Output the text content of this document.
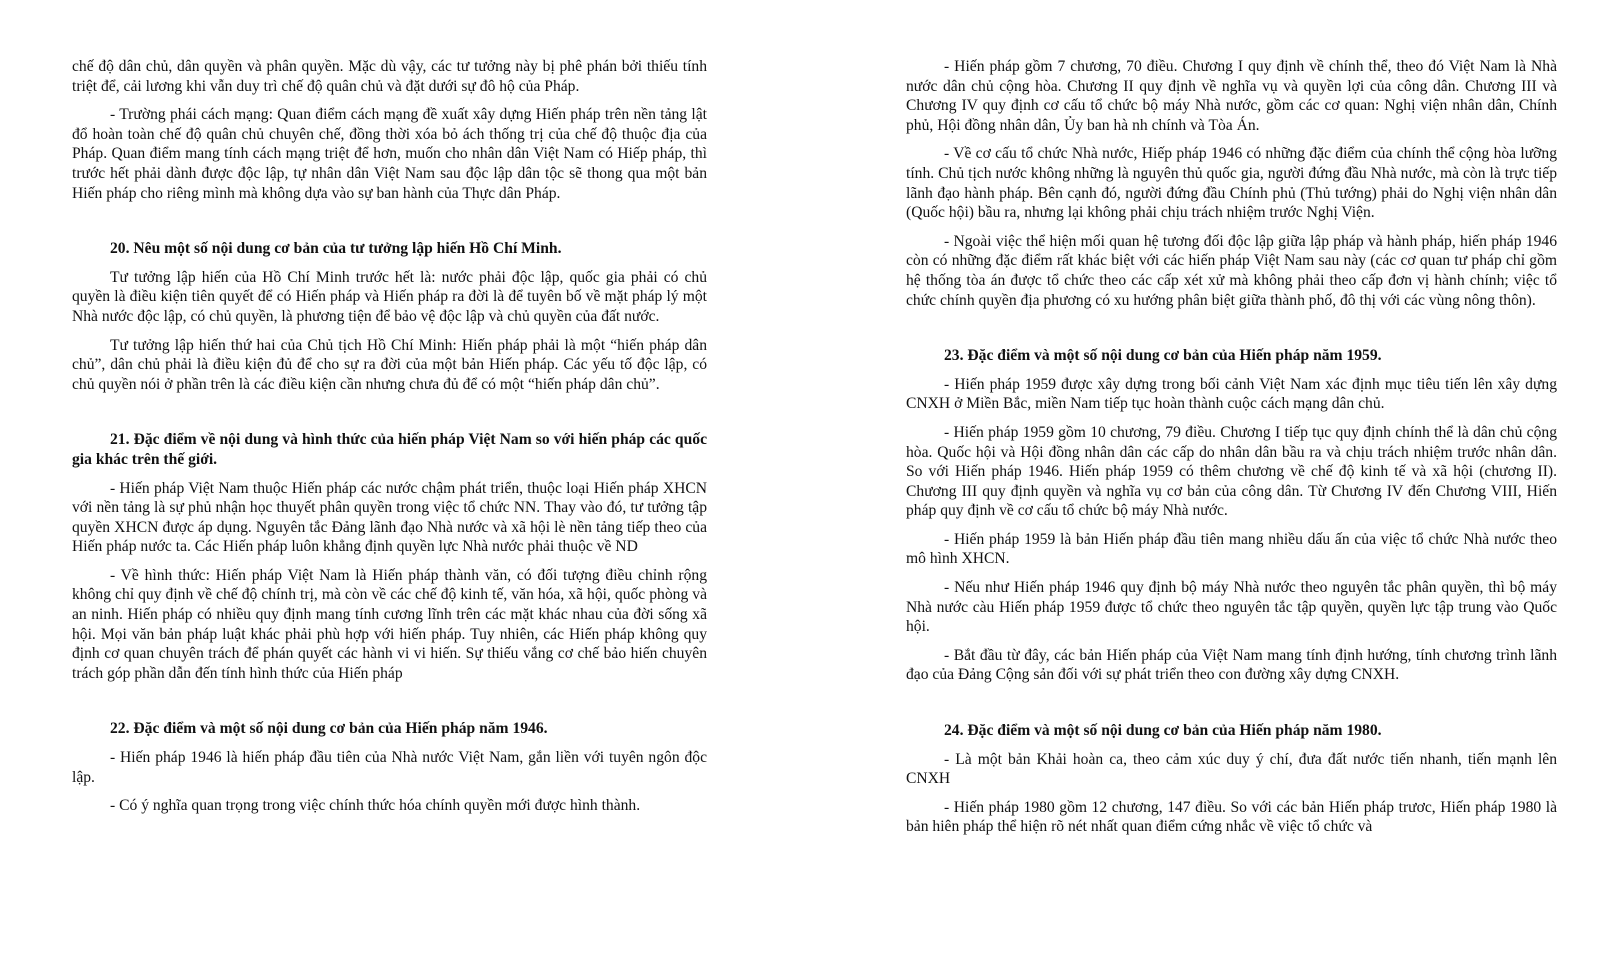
chế độ dân chủ, dân quyền và phân quyền. Mặc dù vậy, các tư tưởng này bị phê phán bởi thiếu tính triệt để, cải lương khi vẫn duy trì chế độ quân chủ và đặt dưới sự đô hộ của Pháp.

- Trường phái cách mạng: Quan điểm cách mạng đề xuất xây dựng Hiến pháp trên nền tảng lật đổ hoàn toàn chế độ quân chủ chuyên chế, đồng thời xóa bỏ ách thống trị của chế độ thuộc địa của Pháp. Quan điểm mang tính cách mạng triệt để hơn, muốn cho nhân dân Việt Nam có Hiếp pháp, thì trước hết phải dành được độc lập, tự nhân dân Việt Nam sau độc lập dân tộc sẽ thong qua một bản Hiến pháp cho riêng mình mà không dựa vào sự ban hành của Thực dân Pháp.

20. Nêu một số nội dung cơ bản của tư tưởng lập hiến Hồ Chí Minh.

Tư tưởng lập hiến của Hồ Chí Minh trước hết là: nước phải độc lập, quốc gia phải có chủ quyền là điều kiện tiên quyết để có Hiến pháp và Hiến pháp ra đời là để tuyên bố về mặt pháp lý một Nhà nước độc lập, có chủ quyền, là phương tiện để bảo vệ độc lập và chủ quyền của đất nước.

Tư tưởng lập hiến thứ hai của Chủ tịch Hồ Chí Minh: Hiến pháp phải là một “hiến pháp dân chủ”, dân chủ phải là điều kiện đủ để cho sự ra đời của một bản Hiến pháp. Các yếu tố độc lập, có chủ quyền nói ở phần trên là các điều kiện cần nhưng chưa đủ để có một “hiến pháp dân chủ”.

21. Đặc điểm về nội dung và hình thức của hiến pháp Việt Nam so với hiến pháp các quốc gia khác trên thế giới.

- Hiến pháp Việt Nam thuộc Hiến pháp các nước chậm phát triển, thuộc loại Hiến pháp XHCN với nền tảng là sự phủ nhận học thuyết phân quyền trong việc tổ chức NN. Thay vào đó, tư tưởng tập quyền XHCN được áp dụng. Nguyên tắc Đảng lãnh đạo Nhà nước và xã hội lè nền tảng tiếp theo của Hiến pháp nước ta. Các Hiến pháp luôn khẳng định quyền lực Nhà nước phải thuộc về ND

- Về hình thức: Hiến pháp Việt Nam là Hiến pháp thành văn, có đối tượng điều chỉnh rộng không chỉ quy định về chế độ chính trị, mà còn về các chế độ kinh tế, văn hóa, xã hội, quốc phòng và an ninh. Hiến pháp có nhiều quy định mang tính cương lĩnh trên các mặt khác nhau của đời sống xã hội. Mọi văn bản pháp luật khác phải phù hợp với hiến pháp. Tuy nhiên, các Hiến pháp không quy định cơ quan chuyên trách để phán quyết các hành vi vi hiến. Sự thiếu vắng cơ chế bảo hiến chuyên trách góp phần dẫn đến tính hình thức của Hiến pháp

22. Đặc điểm và một số nội dung cơ bản của Hiến pháp năm 1946.

- Hiến pháp 1946 là hiến pháp đầu tiên của Nhà nước Việt Nam, gắn liền với tuyên ngôn độc lập.

- Có ý nghĩa quan trọng trong việc chính thức hóa chính quyền mới được hình thành.

- Hiến pháp gồm 7 chương, 70 điều. Chương I quy định về chính thể, theo đó Việt Nam là Nhà nước dân chủ cộng hòa. Chương II quy định về nghĩa vụ và quyền lợi của công dân. Chương III và Chương IV quy định cơ cấu tổ chức bộ máy Nhà nước, gồm các cơ quan: Nghị viện nhân dân, Chính phủ, Hội đồng nhân dân, Ủy ban hà nh chính và Tòa Án.

- Về cơ cấu tổ chức Nhà nước, Hiếp pháp 1946 có những đặc điểm của chính thể cộng hòa lưỡng tính. Chủ tịch nước không những là nguyên thủ quốc gia, người đứng đầu Nhà nước, mà còn là trực tiếp lãnh đạo hành pháp. Bên cạnh đó, người đứng đầu Chính phủ (Thủ tướng) phải do Nghị viện nhân dân (Quốc hội) bầu ra, nhưng lại không phải chịu trách nhiệm trước Nghị Viện.

- Ngoài việc thể hiện mối quan hệ tương đối độc lập giữa lập pháp và hành pháp, hiến pháp 1946 còn có những đặc điểm rất khác biệt với các hiến pháp Việt Nam sau này (các cơ quan tư pháp chỉ gồm hệ thống tòa án được tổ chức theo các cấp xét xử mà không phải theo cấp đơn vị hành chính; việc tổ chức chính quyền địa phương có xu hướng phân biệt giữa thành phố, đô thị với các vùng nông thôn).

23. Đặc điểm và một số nội dung cơ bản của Hiến pháp năm 1959.

- Hiến pháp 1959 được xây dựng trong bối cảnh Việt Nam xác định mục tiêu tiến lên xây dựng CNXH ở Miền Bắc, miền Nam tiếp tục hoàn thành cuộc cách mạng dân chủ.

- Hiến pháp 1959 gồm 10 chương, 79 điều. Chương I tiếp tục quy định chính thể là dân chủ cộng hòa. Quốc hội và Hội đồng nhân dân các cấp do nhân dân bầu ra và chịu trách nhiệm trước nhân dân. So với Hiến pháp 1946. Hiến pháp 1959 có thêm chương về chế độ kinh tế và xã hội (chương II). Chương III quy định quyền và nghĩa vụ cơ bản của công dân. Từ Chương IV đến Chương VIII, Hiến pháp quy định về cơ cấu tổ chức bộ máy Nhà nước.

- Hiến pháp 1959 là bản Hiến pháp đầu tiên mang nhiều dấu ấn của việc tổ chức Nhà nước theo mô hình XHCN.

- Nếu như Hiến pháp 1946 quy định bộ máy Nhà nước theo nguyên tắc phân quyền, thì bộ máy Nhà nước càu Hiến pháp 1959 được tổ chức theo nguyên tắc tập quyền, quyền lực tập trung vào Quốc hội.

- Bắt đầu từ đây, các bản Hiến pháp của Việt Nam mang tính định hướng, tính chương trình lãnh đạo của Đảng Cộng sản đối với sự phát triển theo con đường xây dựng CNXH.

24. Đặc điểm và một số nội dung cơ bản của Hiến pháp năm 1980.

- Là một bản Khải hoàn ca, theo cảm xúc duy ý chí, đưa đất nước tiến nhanh, tiến mạnh lên CNXH

- Hiến pháp 1980 gồm 12 chương, 147 điều. So với các bản Hiến pháp trươc, Hiến pháp 1980 là bản hiên pháp thể hiện rõ nét nhất quan điểm cứng nhắc về việc tổ chức và
